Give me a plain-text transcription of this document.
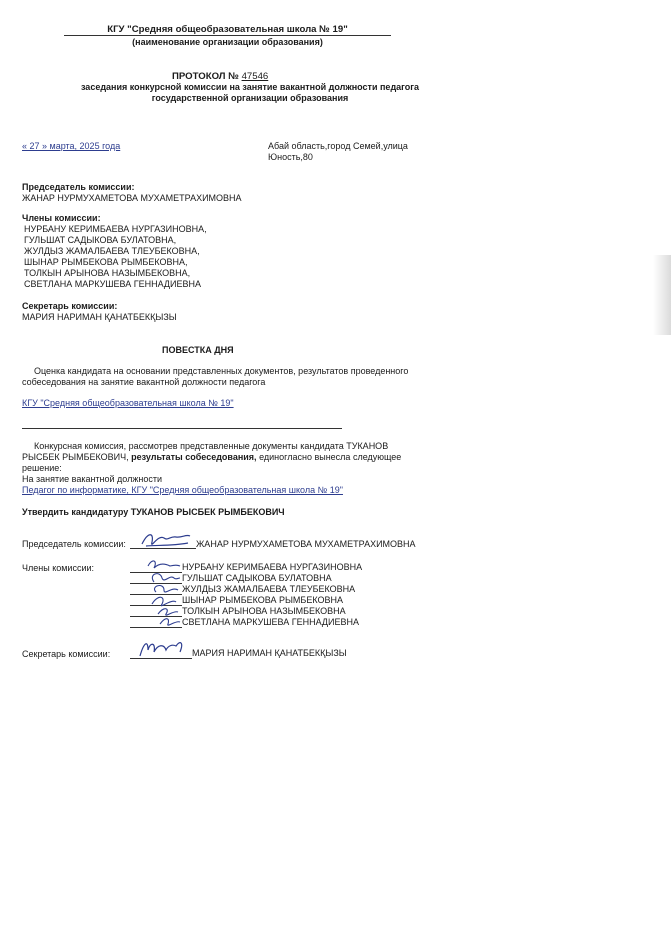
КГУ "Средняя общеобразовательная школа № 19"
(наименование организации образования)
ПРОТОКОЛ № 47546
заседания конкурсной комиссии на занятие вакантной должности педагога
государственной организации образования
« 27 » марта, 2025 года	Абай область,город Семей,улица
Юность,80
Председатель комиссии:
ЖАНАР НУРМУХАМЕТОВА МУХАМЕТРАХИМОВНА
Члены комиссии:
НУРБАНУ КЕРИМБАЕВА НУРГАЗИНОВНА,
ГУЛЬШАТ САДЫКОВА БУЛАТОВНА,
ЖУЛДЫЗ ЖАМАЛБАЕВА ТЛЕУБЕКОВНА,
ШЫНАР РЫМБЕКОВА РЫМБЕКОВНА,
ТОЛКЫН АРЫНОВА НАЗЫМБЕКОВНА,
СВЕТЛАНА МАРКУШЕВА ГЕННАДИЕВНА
Секретарь комиссии:
МАРИЯ НАРИМАН ҚАНАТБЕКҚЫЗЫ
ПОВЕСТКА ДНЯ
Оценка кандидата на основании представленных документов, результатов проведенного
собеседования на занятие вакантной должности педагога
КГУ "Средняя общеобразовательная школа № 19"
Конкурсная комиссия, рассмотрев представленные документы кандидата ТУКАНОВ
РЫСБЕК РЫМБЕКОВИЧ, результаты собеседования, единогласно вынесла следующее
решение:
На занятие вакантной должности
Педагог по информатике, КГУ "Средняя общеобразовательная школа № 19"
Утвердить кандидатуру ТУКАНОВ РЫСБЕК РЫМБЕКОВИЧ
Председатель комиссии:	ЖАНАР НУРМУХАМЕТОВА МУХАМЕТРАХИМОВНА
Члены комиссии:	НУРБАНУ КЕРИМБАЕВА НУРГАЗИНОВНА
ГУЛЬШАТ САДЫКОВА БУЛАТОВНА
ЖУЛДЫЗ ЖАМАЛБАЕВА ТЛЕУБЕКОВНА
ШЫНАР РЫМБЕКОВА РЫМБЕКОВНА
ТОЛКЫН АРЫНОВА НАЗЫМБЕКОВНА
СВЕТЛАНА МАРКУШЕВА ГЕННАДИЕВНА
Секретарь комиссии:	МАРИЯ НАРИМАН ҚАНАТБЕКҚЫЗЫ
